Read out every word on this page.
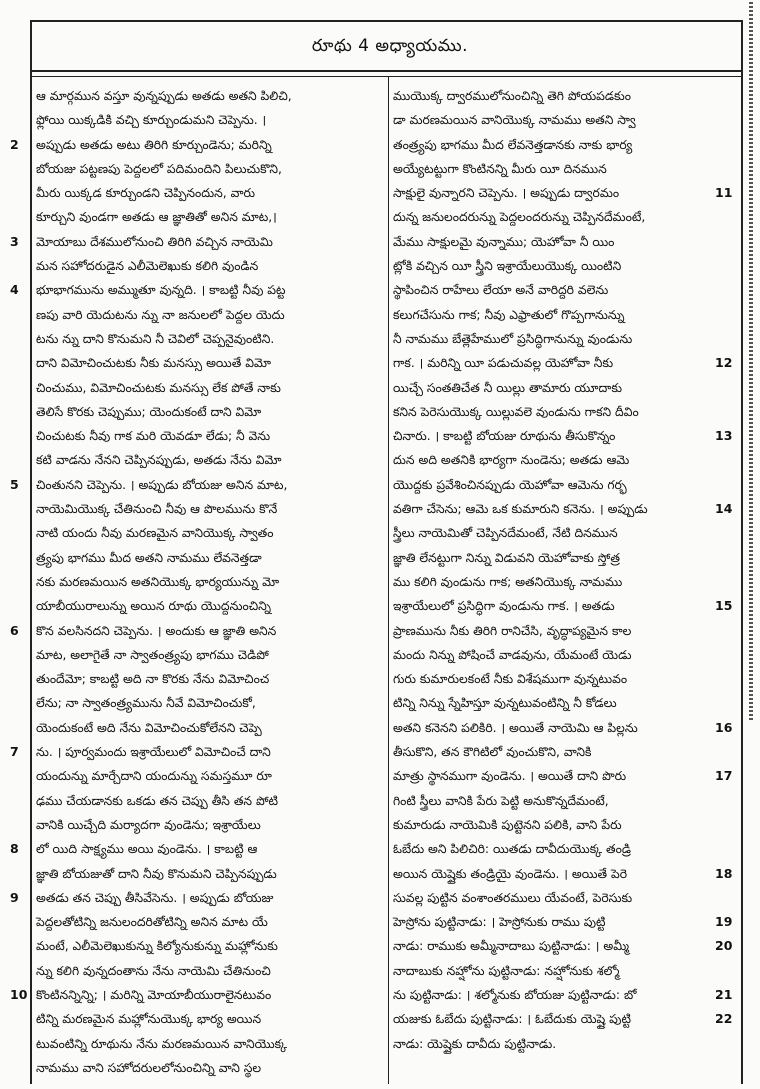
రూథు 4 అధ్యాయము.
ఆ మార్గమున వస్తూ వున్నప్పుడు అతడు అతని పిలిచి,
ఫ్లోయి యిక్కడికి వచ్చి కూర్చుండుమని చెప్పెను. ।
2 అప్పుడు అతడు అటు తిరిగి కూర్చుండెను; మరిన్ని
బోయజు పట్టణపు పెద్దలలో పదిమందిని పిలుచుకొని,
మీరు యిక్కడ కూర్చుండని చెప్పినందున, వారు
కూర్చుని వుండగా అతడు ఆ జ్ఞాతితో అనిన మాట,।
3 మోయాబు దేశములోనుంచి తిరిగి వచ్చిన నాయెమి
మన సహోదరుడైన ఎలీమెలెఖుకు కలిగి వుండిన
4 భూభాగమును అమ్ముతూ వున్నది. । కాబట్టి నీవు పట్ట
ణపు వారి యెదుటను న్ను నా జనులలో పెద్దల యెదు
టను న్ను దాని కొనుమని నీ చెవిలో చెప్పనైవుంటిని.
దాని విమోచించుటకు నీకు మనస్సు అయితే విమో
చించుము, విమోచించుటకు మనస్సు లేక పోతే నాకు
తెలిసే కొరకు చెప్పుము; యెందుకంటే దాని విమో
చించుటకు నీవు గాక మరి యెవడూ లేడు; నీ వెను
కటి వాడను నేనని చెప్పినప్పుడు, అతడు నేను విమో
5 చింతునని చెప్పెను. । అప్పుడు బోయజు అనిన మాట,
నాయెమియొక్క చేతినుంచి నీవు ఆ పొలమును కొనే
నాటి యందు నీవు మరణమైన వానియొక్క స్వాతం
త్ర్యపు భాగము మీద అతని నామము లేవనెత్తడా
నకు మరణమయిన అతనియొక్క భార్యయున్ను మో
యాబీయురాలున్ను అయిన రూథు యొద్దనుంచిన్ని
6 కొన వలసినదని చెప్పెను. । అందుకు ఆ జ్ఞాతి అనిన
మాట, అలాగైతే నా స్వాతంత్ర్యపు భాగము చెడిపో
తుందేమో; కాబట్టి అది నా కొరకు నేను విమోచించ
లేను; నా స్వాతంత్ర్యమును నీవే విమోచించుకో,
యెందుకంటే అది నేను విమోచించుకోలేనని చెప్పె
7 ను. । పూర్వమందు ఇశ్రాయేలులో విమోచించే దాని
యందున్ను మార్చేదాని యందున్ను సమస్తమూ రూ
ఢము చేయడానకు ఒకడు తన చెప్పు తీసి తన పోటి
వానికి యిచ్చేది మర్యాదగా వుండెను; ఇశ్రాయేలు
8 లో యిది సాక్ష్యము అయి వుండెను. । కాబట్టి ఆ
జ్ఞాతి బోయజుతో దాని నీవు కొనుమని చెప్పినప్పుడు
9 అతడు తన చెప్పు తీసివేసెను. । అప్పుడు బోయజు
పెద్దలతోటిన్ని జనులందరితోటిన్ని అనిన మాట యే
మంటే, ఎలీమెలెఖుకున్ను కిల్యోనుకున్ను మహ్లోనుకు
న్ను కలిగి వున్నదంతాను నేను నాయెమి చేతినుంచి
10 కొంటినన్నిన్ని; । మరిన్ని మోయాబీయురాలైనటువం
టిన్ని మరణమైన మహ్లోనుయొక్క భార్య అయిన
టువంటిన్ని రూథును నేను మరణమయిన వానియొక్క
నామము వాని సహోదరులలోనుంచిన్ని వాని స్థల
ముయొక్క ద్వారములోనుంచిన్ని తెగి పోయపడకుం
డా మరణమయిన వానియొక్క నామము అతని స్వా
తంత్ర్యపు భాగము మీద లేవనెత్తడానకు నాకు భార్య
అయ్యేటట్టుగా కొంటినన్ని మీరు యీ దినమున
11
సాక్షులై వున్నారని చెప్పెను. । అప్పుడు ద్వారమం
దున్న జనులందరున్ను పెద్దలందరున్ను చెప్పినదేమంటే,
మేము సాక్షులమై వున్నాము; యెహోవా నీ యిం
ట్లోకి వచ్చిన యీ స్త్రీని ఇశ్రాయేలుయొక్క యింటిని
స్థాపించిన రాహేలు లేయా అనే వారిద్దరి వలెను
కలుగచేసును గాక; నీవు ఎఫ్రాతులో గొప్పగానున్ను
నీ నామము బేత్లెహేములో ప్రసిద్ధిగానున్ను వుండును
12
గాక. । మరిన్ని యీ పడుచువల్ల యెహోవా నీకు
యిచ్చే సంతతిచేత నీ యిల్లు తామారు యూదాకు
కనిన పెరెసుయొక్క యిల్లువలె వుండును గాకని దీవిం
13
చినారు. । కాబట్టి బోయజు రూథును తీసుకొన్నం
దున అది అతనికి భార్యగా నుండెను; అతడు ఆమె
యొద్దకు ప్రవేశించినప్పుడు యెహోవా ఆమెను గర్భ
14
వతిగా చేసెను; ఆమె ఒక కుమారుని కనెను. । అప్పుడు
స్త్రీలు నాయెమితో చెప్పినదేమంటే, నేటి దినమున
జ్ఞాతి లేనట్టుగా నిన్ను విడువని యెహోవాకు స్తోత్ర
ము కలిగి వుండును గాక; అతనియొక్క నామము
15
ఇశ్రాయేలులో ప్రసిద్ధిగా వుండును గాక. । అతడు
ప్రాణమును నీకు తిరిగి రానిచేసి, వృద్ధాప్యమైన కాల
మందు నిన్ను పోషించే వాడవును, యేమంటే యెడు
గురు కుమారులకంటే నీకు విశేషముగా వున్నటువం
టిన్ని నిన్ను స్నేహిస్తూ వున్నటువంటిన్ని నీ కోడలు
16
అతని కనెనని పలికిరి. । అయితే నాయెమి ఆ పిల్లను
తీసుకొని, తన కౌగిటిలో వుంచుకొని, వానికి
17
మాత్రు స్థానముగా వుండెను. । అయితే దాని పొరు
గింటి స్త్రీలు వానికి పేరు పెట్టి అనుకొన్నదేమంటే,
కుమారుడు నాయెమికి పుట్టెనని పలికి, వాని పేరు
ఓబేదు అని పిలిచిరి: యితడు దావీదుయొక్క తండ్రి
18
అయిన యెష్షైకు తండ్రియై వుండెను. । అయితే పెరె
సువల్ల పుట్టిన వంశాంతరములు యేవంటే, పెరెసుకు
19
హెస్రోను పుట్టినాడు: । హెస్రోనుకు రాము పుట్టి
20
నాడు: రాముకు అమ్మీనాదాబు పుట్టినాడు: । అమ్మీ
నాదాబుకు నహ్షోను పుట్టినాడు: నహ్షోనుకు శల్మో
21
ను పుట్టినాడు: । శల్మోనుకు బోయజు పుట్టినాడు: బో
22
యజుకు ఓబేదు పుట్టినాడు: । ఓబేదుకు యెష్షై పుట్టి
నాడు: యెష్షైకు దావీదు పుట్టినాడు.
